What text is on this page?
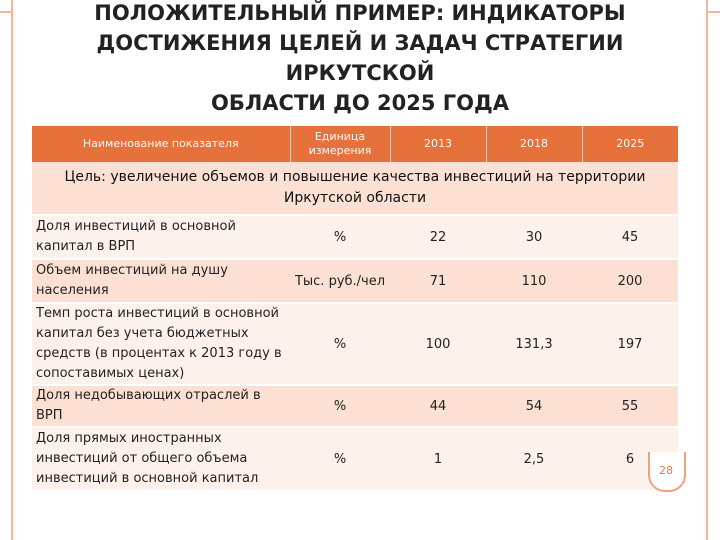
ПОЛОЖИТЕЛЬНЫЙ ПРИМЕР: ИНДИКАТОРЫ
ДОСТИЖЕНИЯ ЦЕЛЕЙ И ЗАДАЧ СТРАТЕГИИ ИРКУТСКОЙ
ОБЛАСТИ ДО 2025 ГОДА
Наименование показателя	Единица измерения	2013	2018	2025
Цель: увеличение объемов и повышение качества инвестиций на территории Иркутской области				
Доля инвестиций в основной капитал в ВРП	%	22	30	45
Объем инвестиций на душу населения	Тыс. руб./чел	71	110	200
Темп роста инвестиций в основной капитал без учета бюджетных средств (в процентах к 2013 году в сопоставимых ценах)	%	100	131,3	197
Доля недобывающих отраслей в ВРП	%	44	54	55
Доля прямых иностранных инвестиций от общего объема инвестиций в основной капитал	%	1	2,5	6
28
